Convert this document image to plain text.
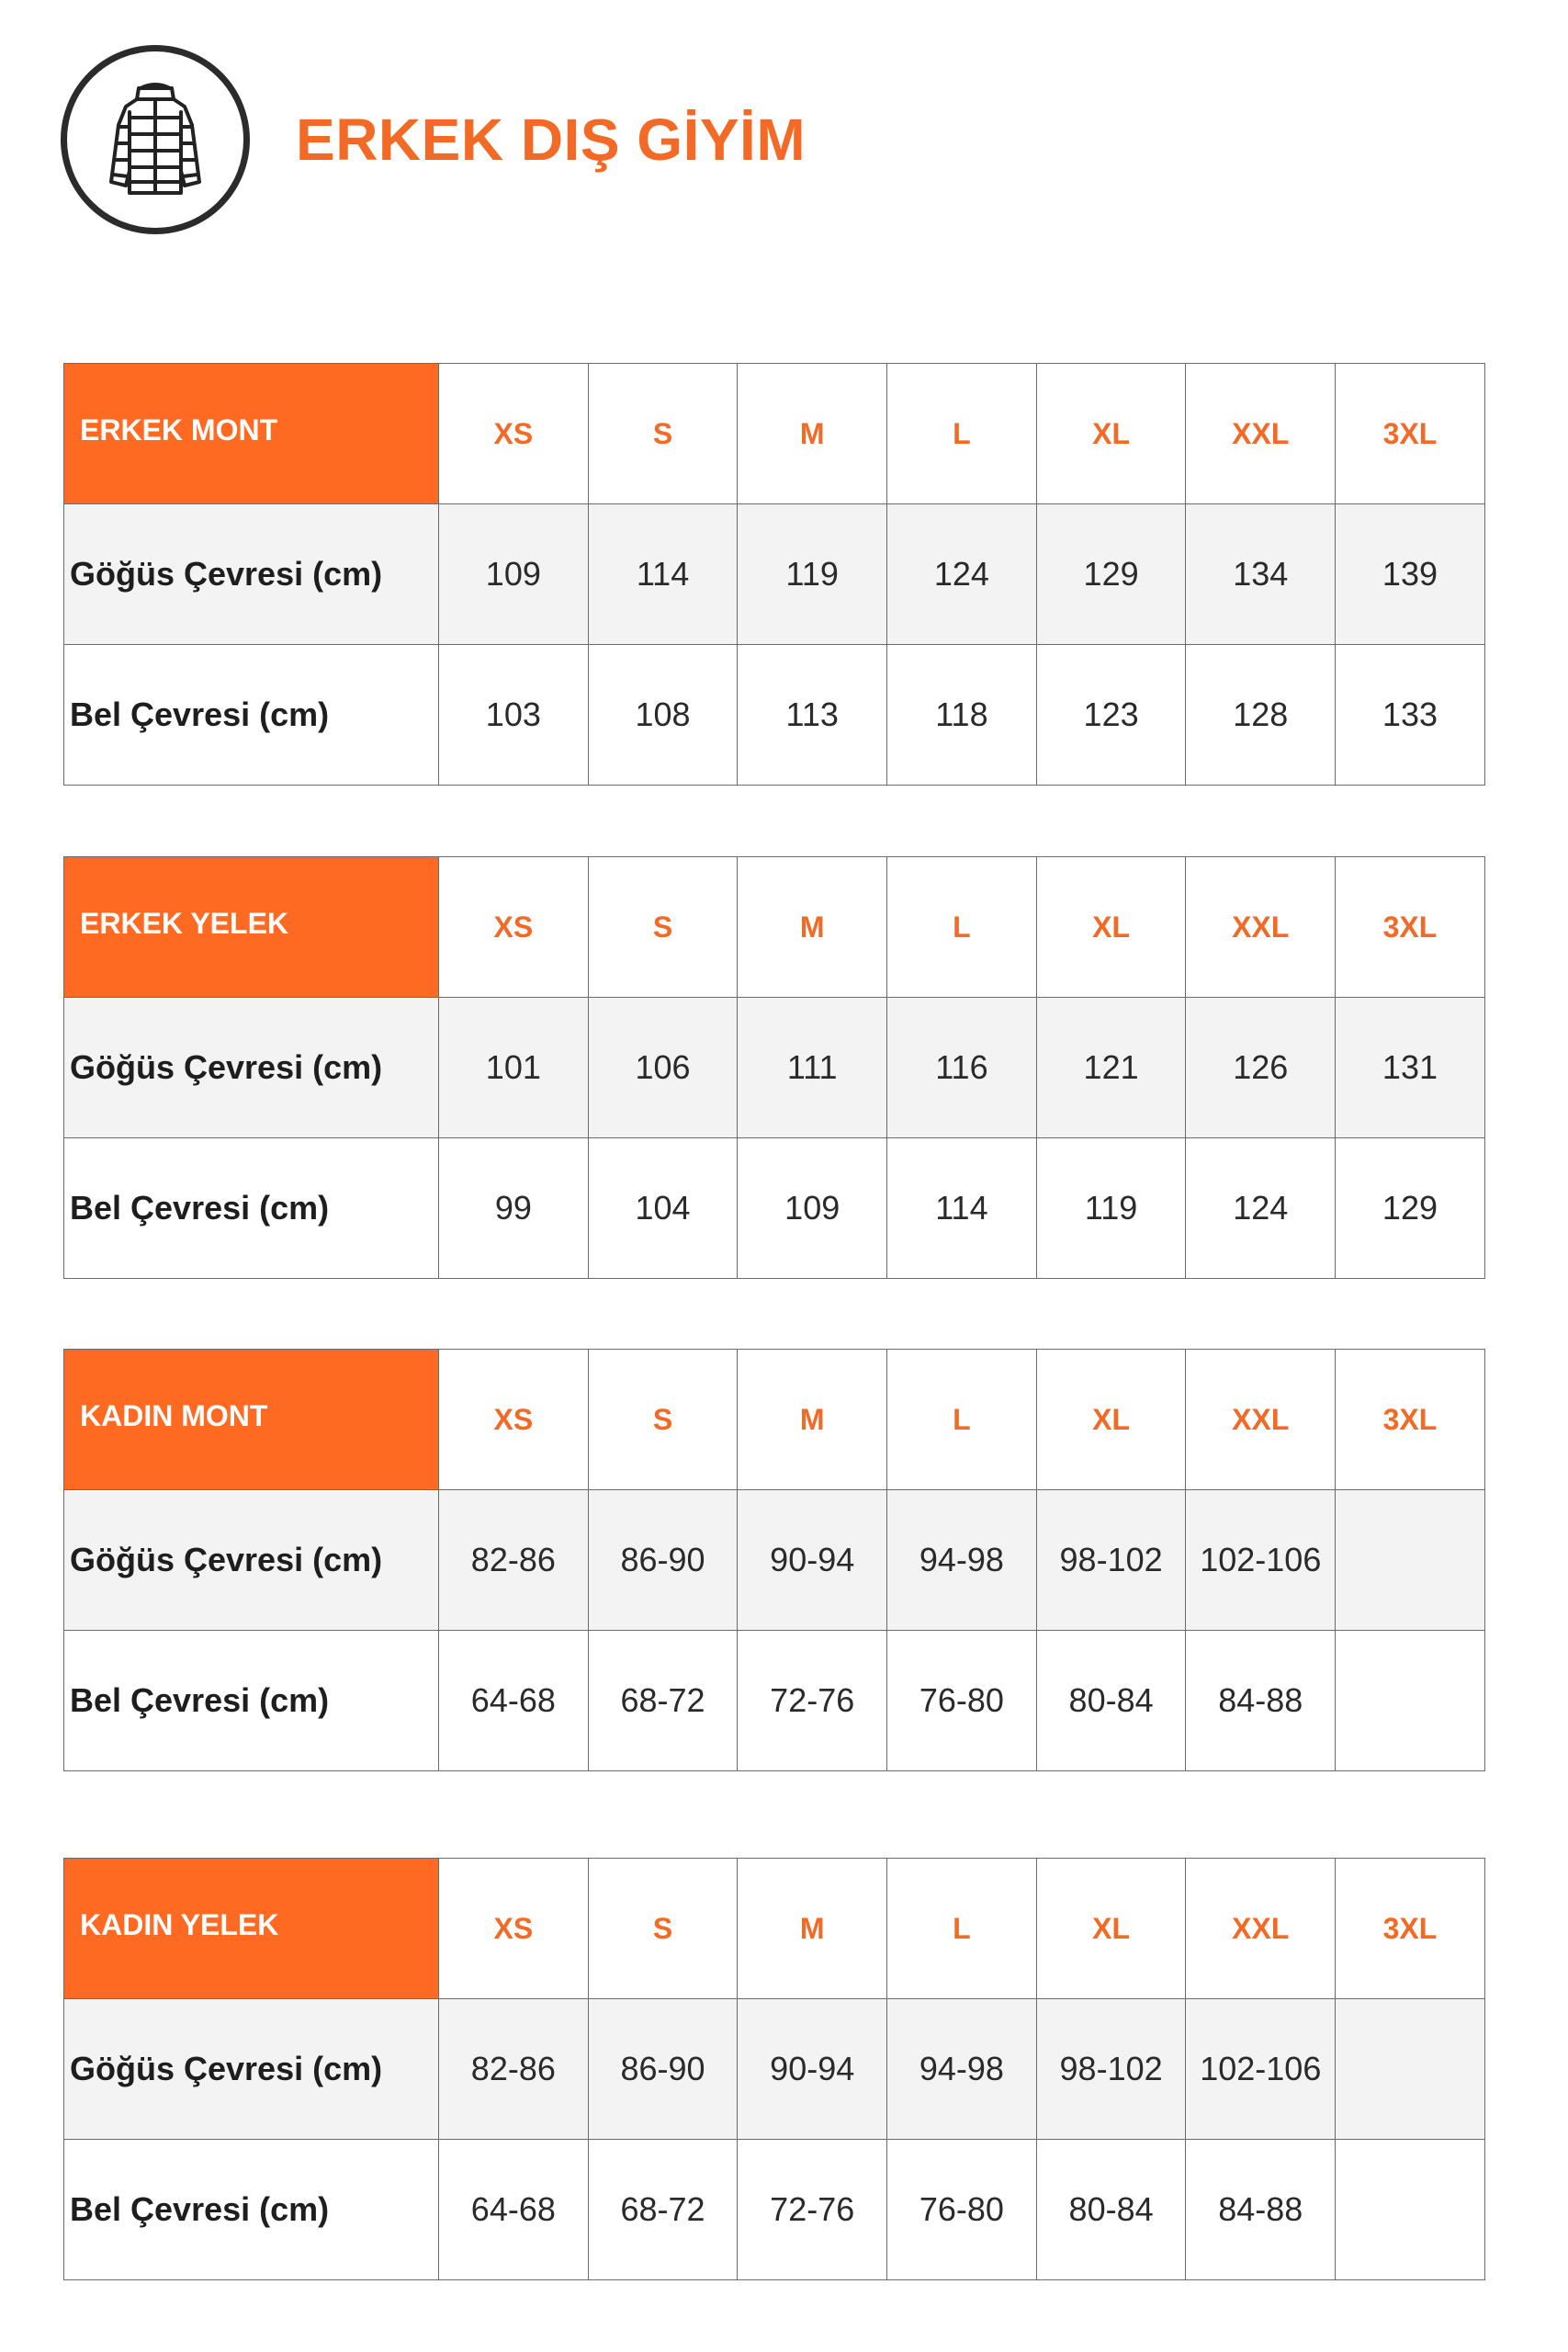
ERKEK DIŞ GİYİM
ERKEK MONT	XS	S	M	L	XL	XXL	3XL
Göğüs Çevresi (cm)	109	114	119	124	129	134	139
Bel Çevresi (cm)	103	108	113	118	123	128	133
ERKEK YELEK	XS	S	M	L	XL	XXL	3XL
Göğüs Çevresi (cm)	101	106	111	116	121	126	131
Bel Çevresi (cm)	99	104	109	114	119	124	129
KADIN MONT	XS	S	M	L	XL	XXL	3XL
Göğüs Çevresi (cm)	82-86	86-90	90-94	94-98	98-102	102-106	
Bel Çevresi (cm)	64-68	68-72	72-76	76-80	80-84	84-88	
KADIN YELEK	XS	S	M	L	XL	XXL	3XL
Göğüs Çevresi (cm)	82-86	86-90	90-94	94-98	98-102	102-106	
Bel Çevresi (cm)	64-68	68-72	72-76	76-80	80-84	84-88	
